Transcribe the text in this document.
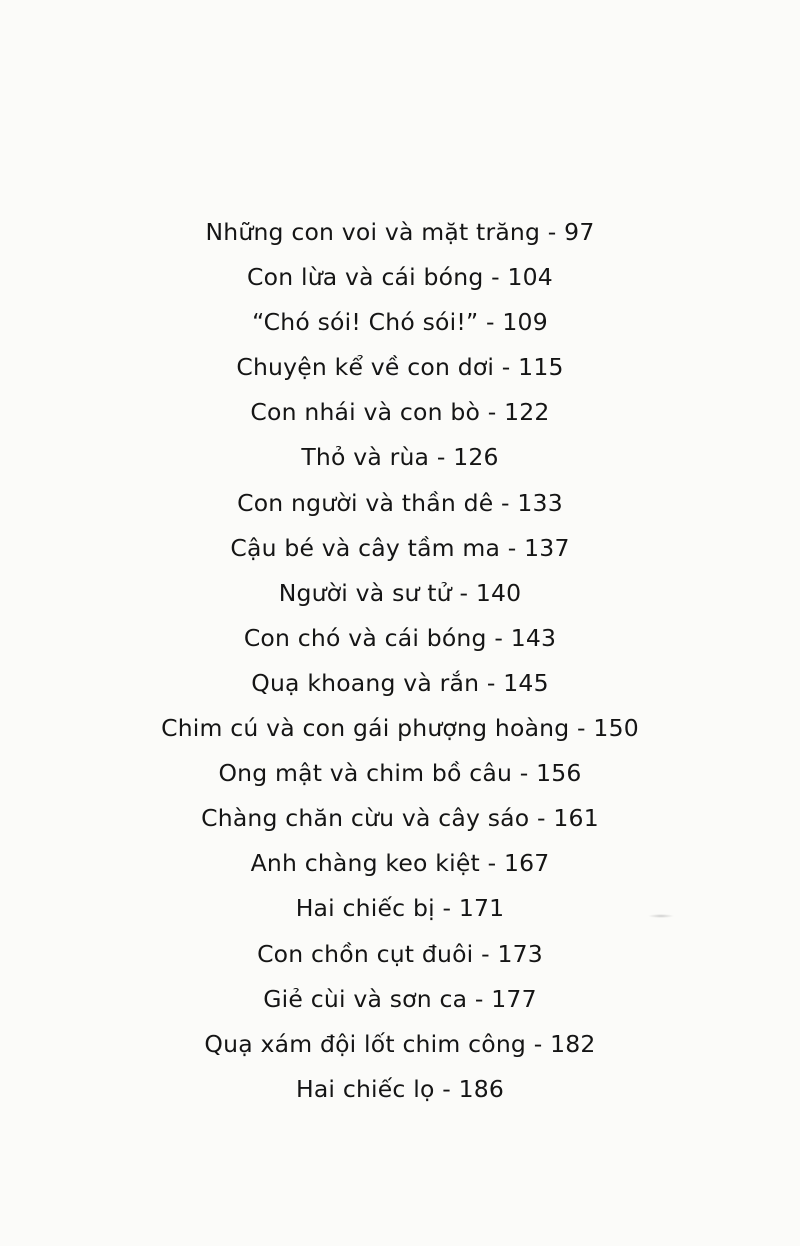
Những con voi và mặt trăng - 97
Con lừa và cái bóng - 104
“Chó sói! Chó sói!” - 109
Chuyện kể về con dơi - 115
Con nhái và con bò - 122
Thỏ và rùa - 126
Con người và thần dê - 133
Cậu bé và cây tầm ma - 137
Người và sư tử - 140
Con chó và cái bóng - 143
Quạ khoang và rắn - 145
Chim cú và con gái phượng hoàng - 150
Ong mật và chim bồ câu - 156
Chàng chăn cừu và cây sáo - 161
Anh chàng keo kiệt - 167
Hai chiếc bị - 171
Con chồn cụt đuôi - 173
Giẻ cùi và sơn ca - 177
Quạ xám đội lốt chim công - 182
Hai chiếc lọ - 186
